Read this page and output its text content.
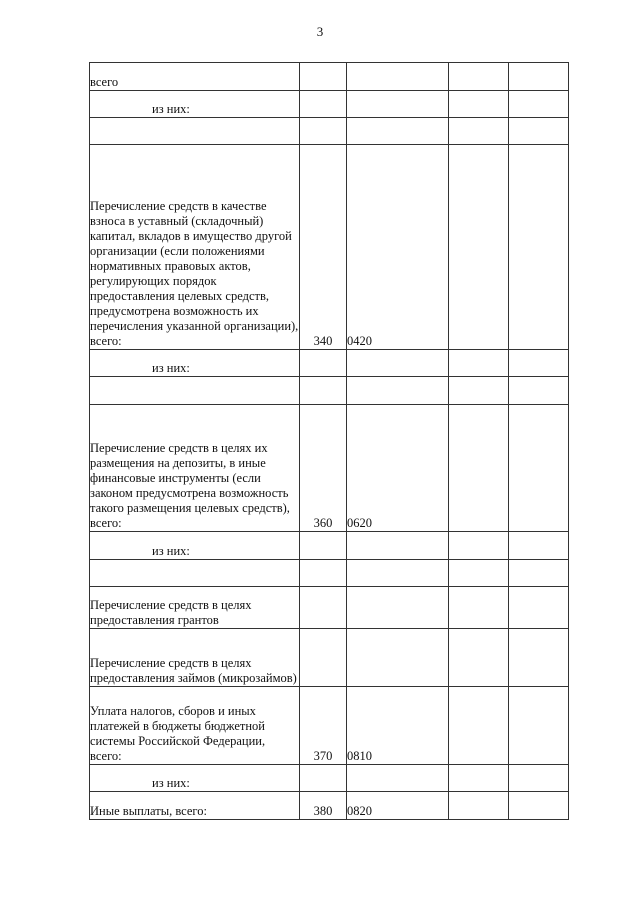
3
всего				
из них:				

Перечисление средств в качестве взноса в уставный (складочный) капитал, вкладов в имущество другой организации (если положениями нормативных правовых актов, регулирующих порядок предоставления целевых средств, предусмотрена возможность их перечисления указанной организации), всего:	340	0420		
из них:				

Перечисление средств в целях их размещения на депозиты, в иные финансовые инструменты (если законом предусмотрена возможность такого размещения целевых средств), всего:	360	0620		
из них:				

Перечисление средств в целях предоставления грантов				
Перечисление средств в целях предоставления займов (микрозаймов)				
Уплата налогов, сборов и иных платежей в бюджеты бюджетной системы Российской Федерации, всего:	370	0810		
из них:				
Иные выплаты, всего:	380	0820		
